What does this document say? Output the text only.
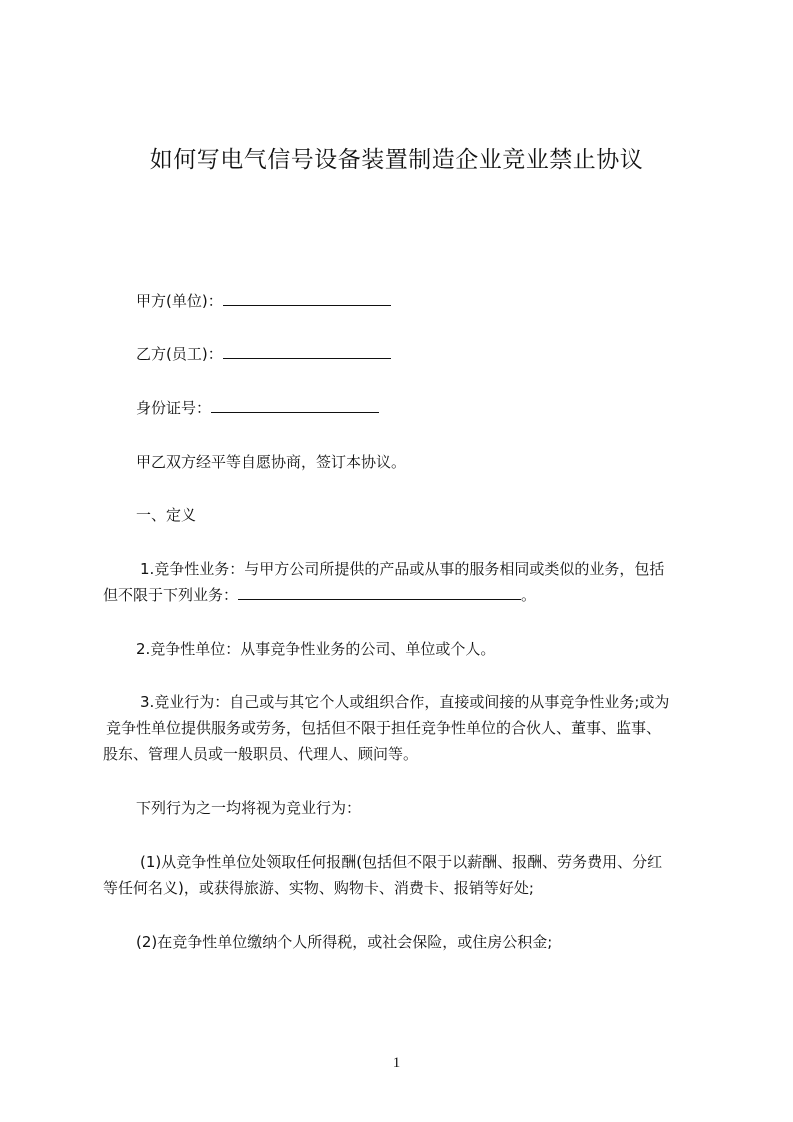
如何写电气信号设备装置制造企业竞业禁止协议
甲方(单位)：
乙方(员工)：
身份证号：
甲乙双方经平等自愿协商，签订本协议。
一、定义
1.竞争性业务：与甲方公司所提供的产品或从事的服务相同或类似的业务，包括
但不限于下列业务：	。
2.竞争性单位：从事竞争性业务的公司、单位或个人。
3.竞业行为：自己或与其它个人或组织合作，直接或间接的从事竞争性业务;或为
竞争性单位提供服务或劳务，包括但不限于担任竞争性单位的合伙人、董事、监事、
股东、管理人员或一般职员、代理人、顾问等。
下列行为之一均将视为竞业行为：
(1)从竞争性单位处领取任何报酬(包括但不限于以薪酬、报酬、劳务费用、分红
等任何名义)，或获得旅游、实物、购物卡、消费卡、报销等好处;
(2)在竞争性单位缴纳个人所得税，或社会保险，或住房公积金;
1
